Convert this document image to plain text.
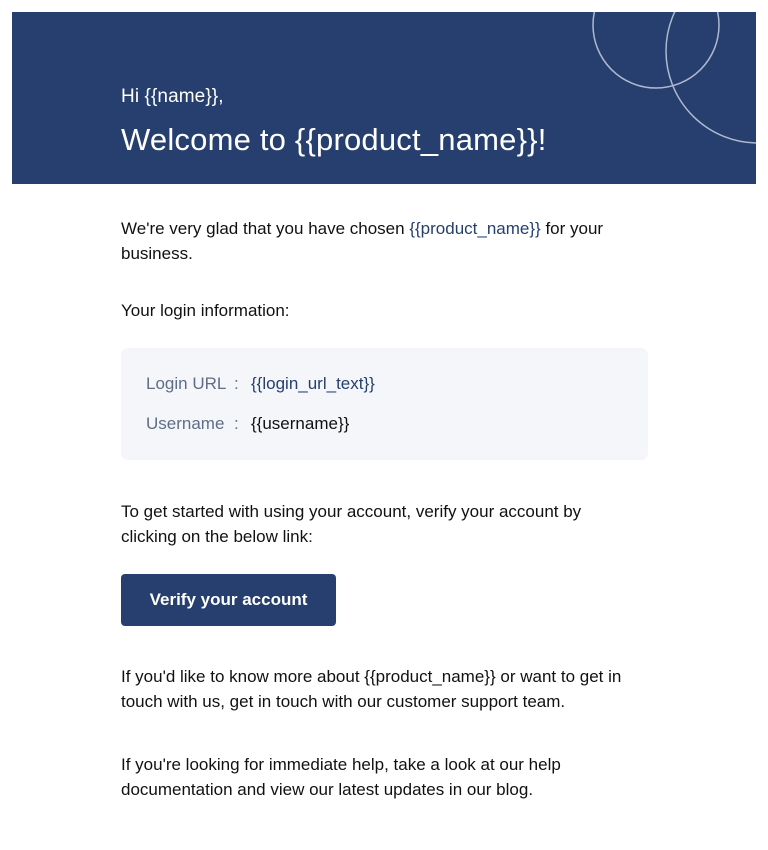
Hi {{name}},
Welcome to {{product_name}}!

We're very glad that you have chosen {{product_name}} for your business.

Your login information:

Login URL : {{login_url_text}}
Username : {{username}}

To get started with using your account, verify your account by clicking on the below link:

Verify your account

If you'd like to know more about {{product_name}} or want to get in touch with us, get in touch with our customer support team.

If you're looking for immediate help, take a look at our help documentation and view our latest updates in our blog.
